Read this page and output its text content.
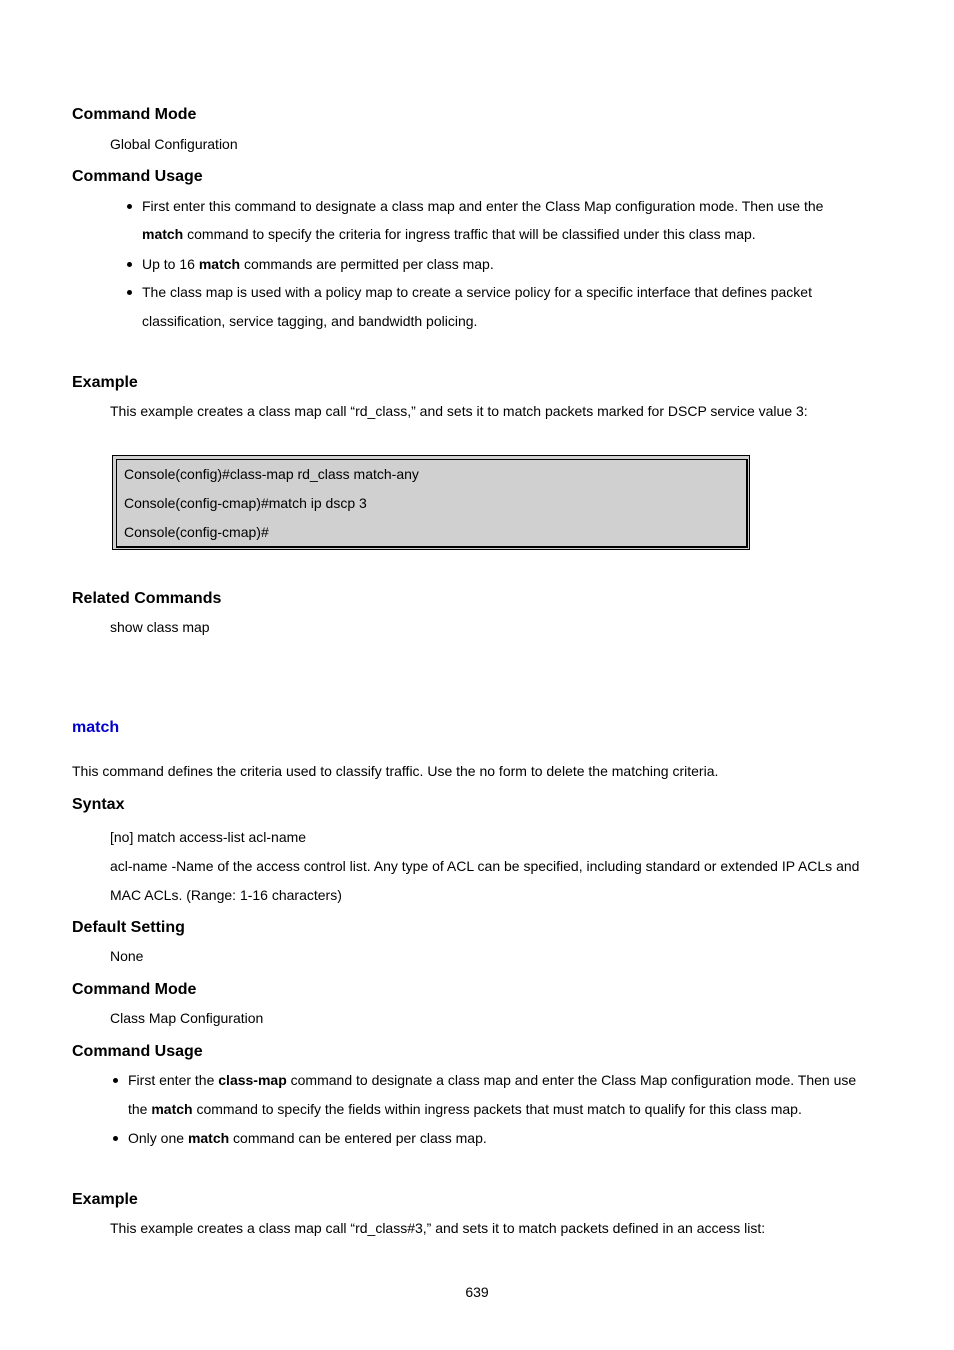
Command Mode
Global Configuration
Command Usage
First enter this command to designate a class map and enter the Class Map configuration mode. Then use the
match command to specify the criteria for ingress traffic that will be classified under this class map.
Up to 16 match commands are permitted per class map.
The class map is used with a policy map to create a service policy for a specific interface that defines packet
classification, service tagging, and bandwidth policing.
Example
This example creates a class map call “rd_class,” and sets it to match packets marked for DSCP service value 3:
Console(config)#class-map rd_class match-any
Console(config-cmap)#match ip dscp 3
Console(config-cmap)#
Related Commands
show class map
match
This command defines the criteria used to classify traffic. Use the no form to delete the matching criteria.
Syntax
[no] match access-list acl-name
acl-name -Name of the access control list. Any type of ACL can be specified, including standard or extended IP ACLs and
MAC ACLs. (Range: 1-16 characters)
Default Setting
None
Command Mode
Class Map Configuration
Command Usage
First enter the class-map command to designate a class map and enter the Class Map configuration mode. Then use
the match command to specify the fields within ingress packets that must match to qualify for this class map.
Only one match command can be entered per class map.
Example
This example creates a class map call “rd_class#3,” and sets it to match packets defined in an access list:
639
